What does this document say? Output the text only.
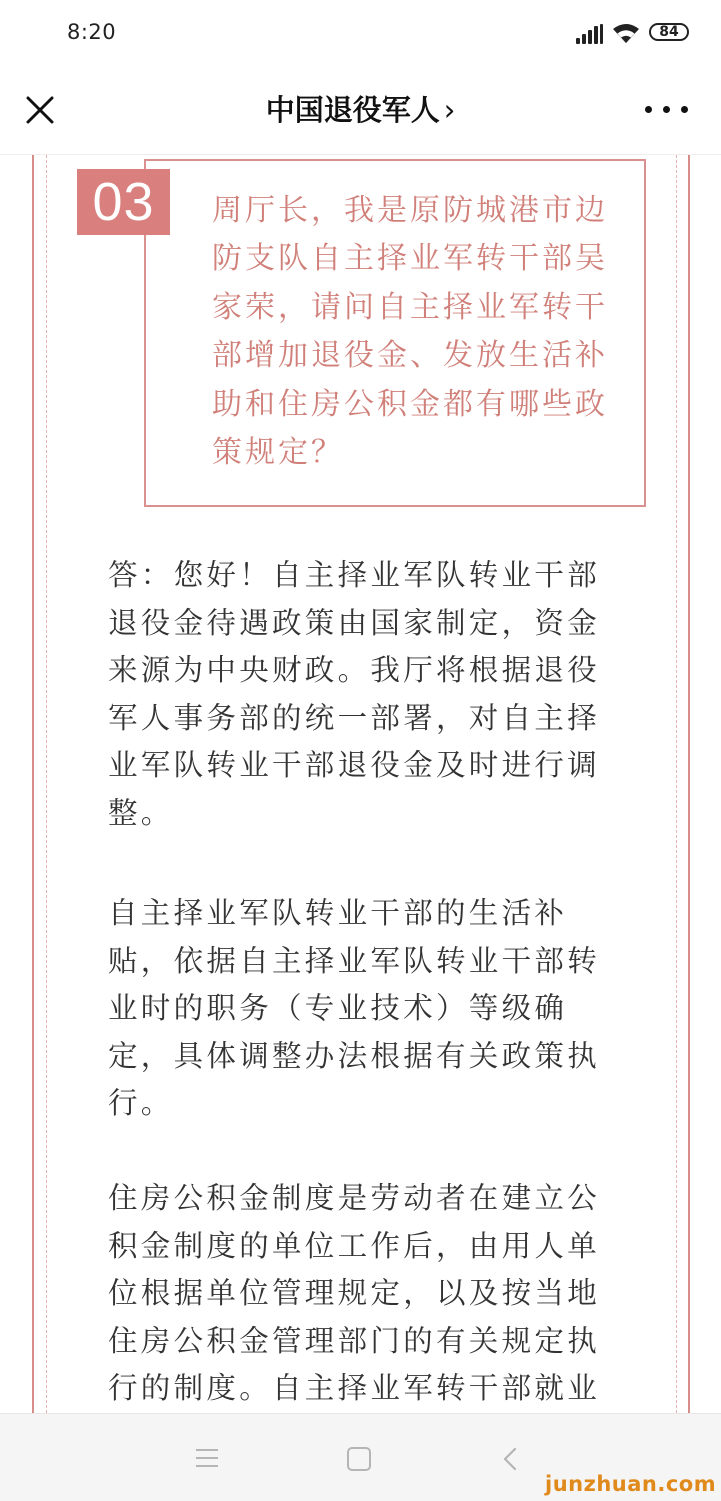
8:20	84
中国退役军人 ›
03	周厅长，我是原防城港市边
防支队自主择业军转干部吴
家荣，请问自主择业军转干
部增加退役金、发放生活补
助和住房公积金都有哪些政
策规定？

答：您好！自主择业军队转业干部
退役金待遇政策由国家制定，资金
来源为中央财政。我厅将根据退役
军人事务部的统一部署，对自主择
业军队转业干部退役金及时进行调
整。

自主择业军队转业干部的生活补
贴，依据自主择业军队转业干部转
业时的职务（专业技术）等级确
定，具体调整办法根据有关政策执
行。

住房公积金制度是劳动者在建立公
积金制度的单位工作后，由用人单
位根据单位管理规定，以及按当地
住房公积金管理部门的有关规定执
行的制度。自主择业军转干部就业

junzhuan.com
